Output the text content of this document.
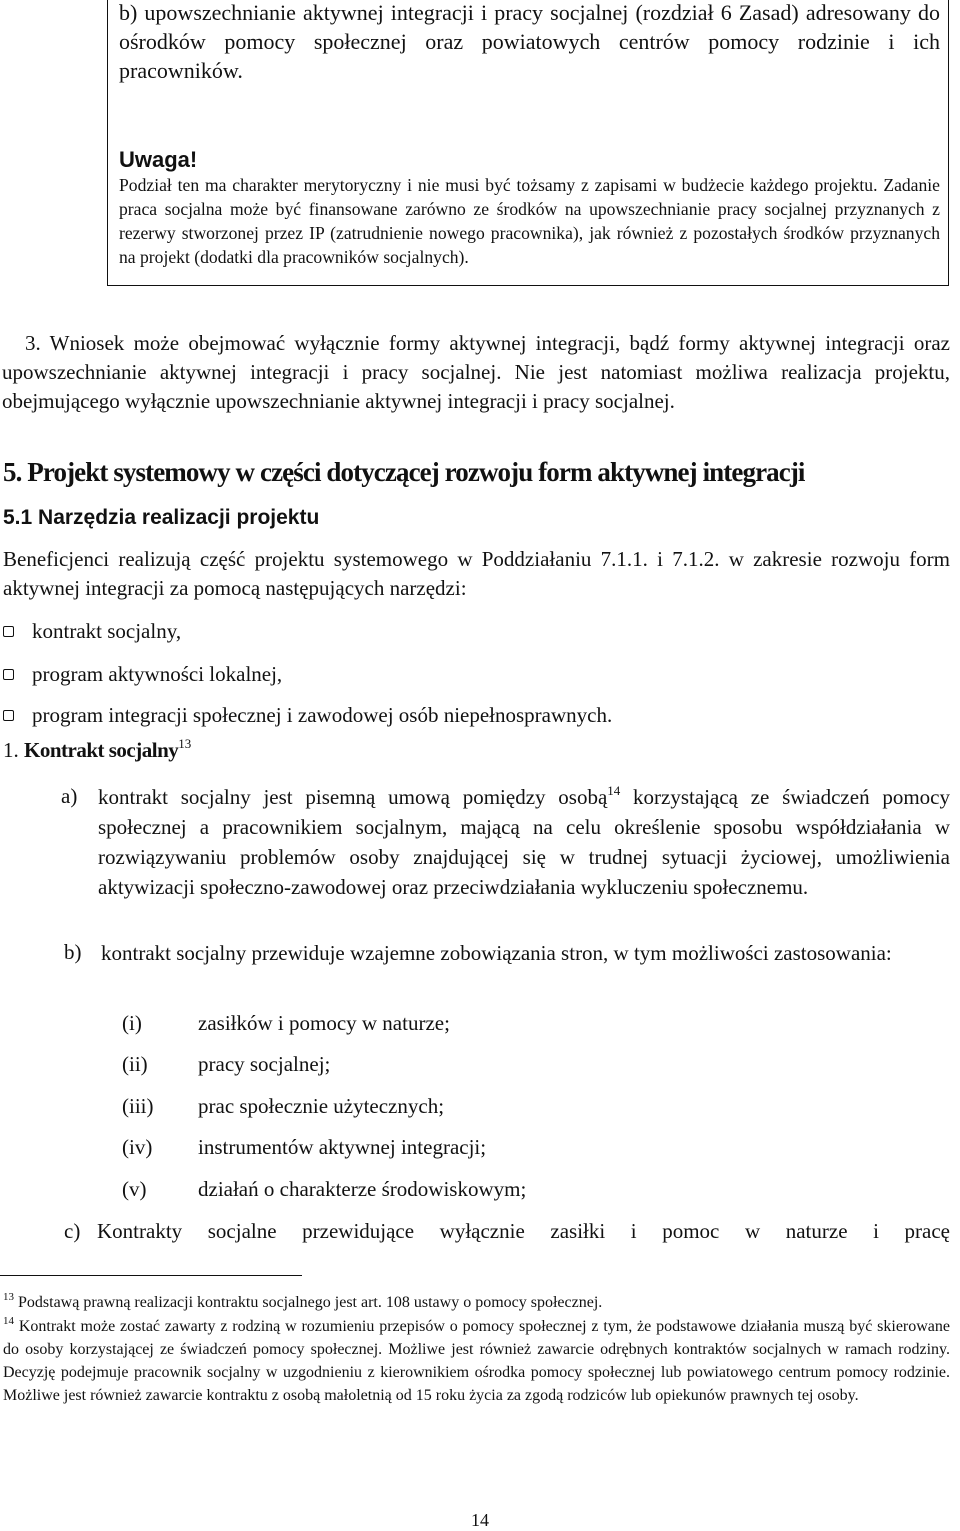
b) upowszechnianie aktywnej integracji i pracy socjalnej (rozdział 6 Zasad) adresowany do ośrodków pomocy społecznej oraz powiatowych centrów pomocy rodzinie i ich pracowników.

Uwaga!

Podział ten ma charakter merytoryczny i nie musi być tożsamy z zapisami w budżecie każdego projektu. Zadanie praca socjalna może być finansowane zarówno ze środków na upowszechnianie pracy socjalnej przyznanych z rezerwy stworzonej przez IP (zatrudnienie nowego pracownika), jak również z pozostałych środków przyznanych na projekt (dodatki dla pracowników socjalnych).

3. Wniosek może obejmować wyłącznie formy aktywnej integracji, bądź formy aktywnej integracji oraz upowszechnianie aktywnej integracji i pracy socjalnej. Nie jest natomiast możliwa realizacja projektu, obejmującego wyłącznie upowszechnianie aktywnej integracji i pracy socjalnej.

5. Projekt systemowy w części dotyczącej rozwoju form aktywnej integracji
5.1 Narzędzia realizacji projektu

Beneficjenci realizują część projektu systemowego w Poddziałaniu 7.1.1. i 7.1.2. w zakresie rozwoju form aktywnej integracji za pomocą następujących narzędzi:

kontrakt socjalny,
program aktywności lokalnej,
program integracji społecznej i zawodowej osób niepełnosprawnych.
1. Kontrakt socjalny$^{13}$
a) kontrakt socjalny jest pisemną umową pomiędzy osobą$^{14}$ korzystającą ze świadczeń pomocy społecznej a pracownikiem socjalnym, mającą na celu określenie sposobu współdziałania w rozwiązywaniu problemów osoby znajdującej się w trudnej sytuacji życiowej, umożliwienia aktywizacji społeczno-zawodowej oraz przeciwdziałania wykluczeniu społecznemu.

b) kontrakt socjalny przewiduje wzajemne zobowiązania stron, w tym możliwości zastosowania:

(i)	zasiłków i pomocy w naturze;
(ii) pracy socjalnej;
(iii) prac społecznie użytecznych;
(iv) instrumentów aktywnej integracji;
(v) działań o charakterze środowiskowym;
c) Kontrakty socjalne przewidujące wyłącznie zasiłki i pomoc w naturze i pracę

$^{13}$ Podstawą prawną realizacji kontraktu socjalnego jest art. 108 ustawy o pomocy społecznej.

$^{14}$ Kontrakt może zostać zawarty z rodziną w rozumieniu przepisów o pomocy społecznej z tym, że podstawowe działania muszą być skierowane do osoby korzystającej ze świadczeń pomocy społecznej. Możliwe jest również zawarcie odrębnych kontraktów socjalnych w ramach rodziny. Decyzję podejmuje pracownik socjalny w uzgodnieniu z kierownikiem ośrodka pomocy społecznej lub powiatowego centrum pomocy rodzinie. Możliwe jest również zawarcie kontraktu z osobą małoletnią od 15 roku życia za zgodą rodziców lub opiekunów prawnych tej osoby.

14
